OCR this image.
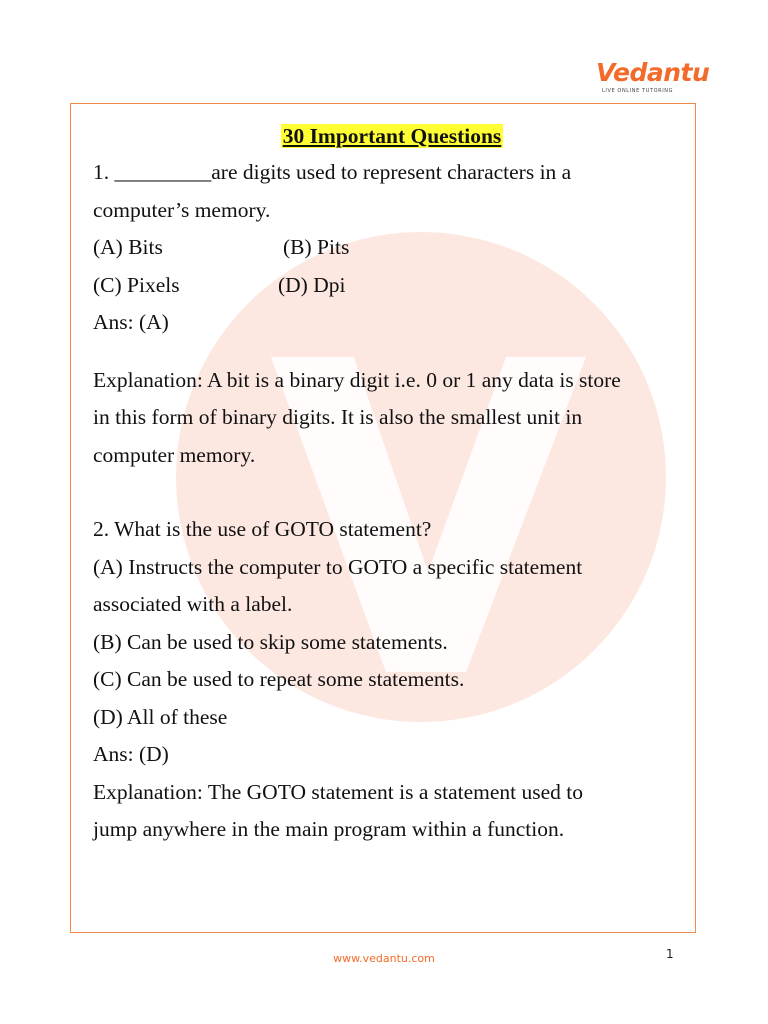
Vedantu
LIVE ONLINE TUTORING
30 Important Questions
1. _________are digits used to represent characters in a
computer’s memory.
(A) Bits	(B) Pits
(C) Pixels	(D) Dpi
Ans: (A)
Explanation: A bit is a binary digit i.e. 0 or 1 any data is store
in this form of binary digits. It is also the smallest unit in
computer memory.
2. What is the use of GOTO statement?
(A) Instructs the computer to GOTO a specific statement
associated with a label.
(B) Can be used to skip some statements.
(C) Can be used to repeat some statements.
(D) All of these
Ans: (D)
Explanation: The GOTO statement is a statement used to
jump anywhere in the main program within a function.
www.vedantu.com	1
